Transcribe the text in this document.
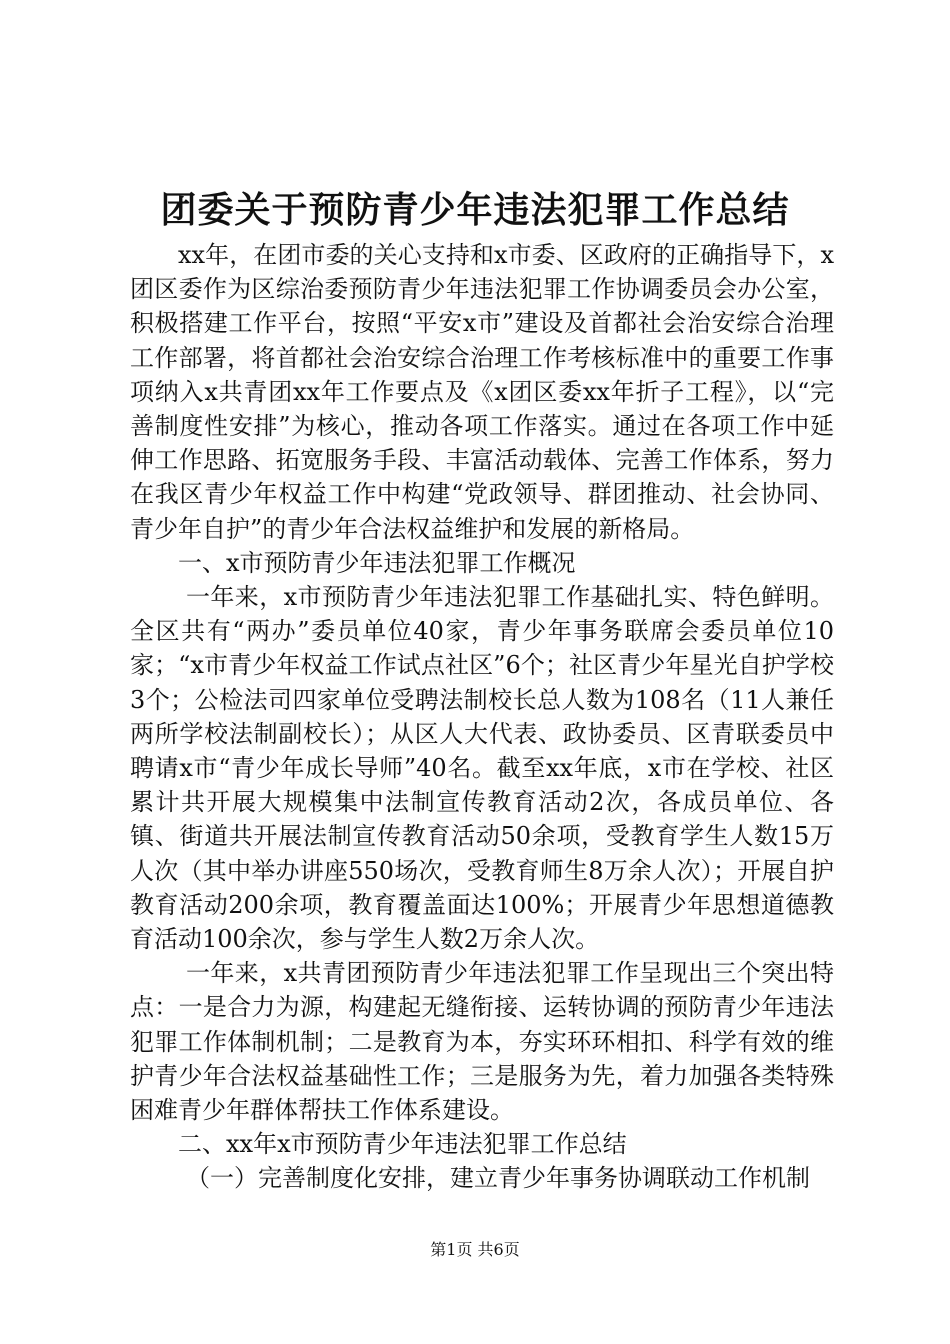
团委关于预防青少年违法犯罪工作总结

xx年，在团市委的关心支持和x市委、区政府的正确指导下，x团区委作为区综治委预防青少年违法犯罪工作协调委员会办公室，积极搭建工作平台，按照“平安x市”建设及首都社会治安综合治理工作部署，将首都社会治安综合治理工作考核标准中的重要工作事项纳入x共青团xx年工作要点及《x团区委xx年折子工程》，以“完善制度性安排”为核心，推动各项工作落实。通过在各项工作中延伸工作思路、拓宽服务手段、丰富活动载体、完善工作体系，努力在我区青少年权益工作中构建“党政领导、群团推动、社会协同、青少年自护”的青少年合法权益维护和发展的新格局。

一、x市预防青少年违法犯罪工作概况

一年来，x市预防青少年违法犯罪工作基础扎实、特色鲜明。全区共有“两办”委员单位40家，青少年事务联席会委员单位10家；“x市青少年权益工作试点社区”6个；社区青少年星光自护学校3个；公检法司四家单位受聘法制校长总人数为108名（11人兼任两所学校法制副校长）；从区人大代表、政协委员、区青联委员中聘请x市“青少年成长导师”40名。截至xx年底，x市在学校、社区累计共开展大规模集中法制宣传教育活动2次，各成员单位、各镇、街道共开展法制宣传教育活动50余项，受教育学生人数15万人次（其中举办讲座550场次，受教育师生8万余人次）；开展自护教育活动200余项，教育覆盖面达100%；开展青少年思想道德教育活动100余次，参与学生人数2万余人次。

一年来，x共青团预防青少年违法犯罪工作呈现出三个突出特点：一是合力为源，构建起无缝衔接、运转协调的预防青少年违法犯罪工作体制机制；二是教育为本，夯实环环相扣、科学有效的维护青少年合法权益基础性工作；三是服务为先，着力加强各类特殊困难青少年群体帮扶工作体系建设。

二、xx年x市预防青少年违法犯罪工作总结

（一）完善制度化安排，建立青少年事务协调联动工作机制

第1页 共6页
